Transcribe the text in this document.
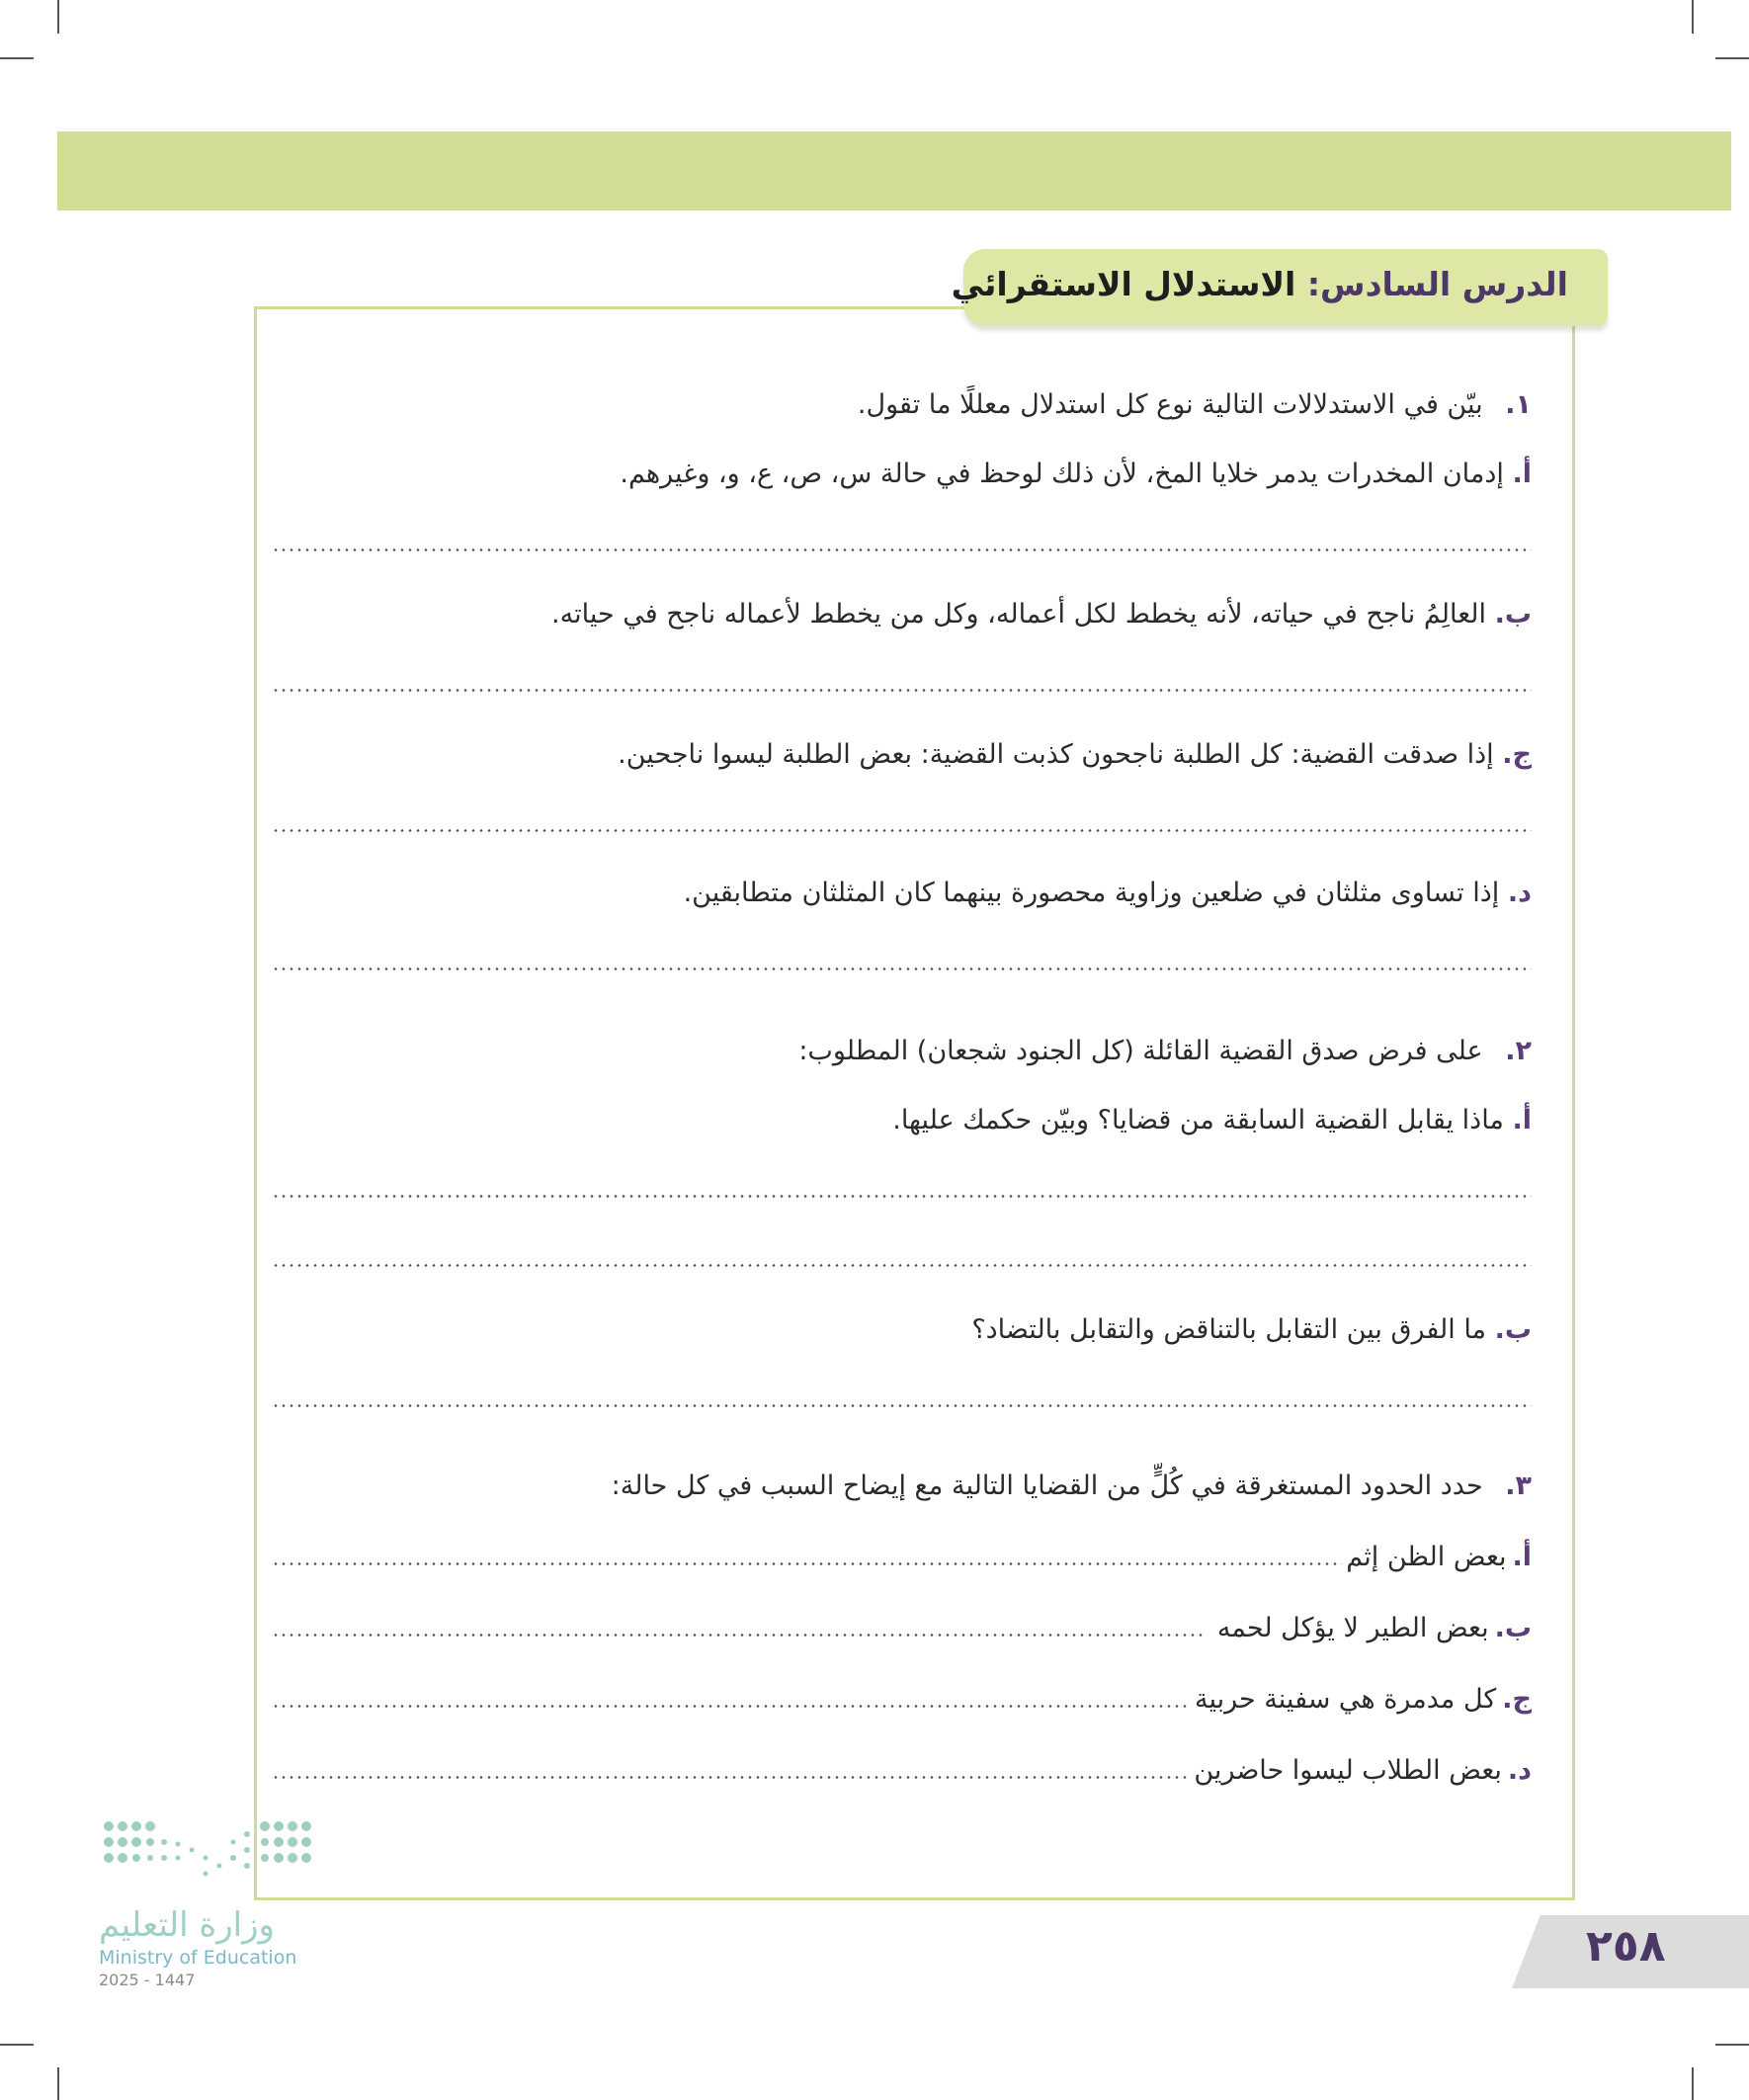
الدرس السادس: الاستدلال الاستقرائي
١. بيّن في الاستدلالات التالية نوع كل استدلال معللًا ما تقول.
أ. إدمان المخدرات يدمر خلايا المخ، لأن ذلك لوحظ في حالة س، ص، ع، و، وغيرهم.
ب. العالِمُ ناجح في حياته، لأنه يخطط لكل أعماله، وكل من يخطط لأعماله ناجح في حياته.
ج. إذا صدقت القضية: كل الطلبة ناجحون كذبت القضية: بعض الطلبة ليسوا ناجحين.
د. إذا تساوى مثلثان في ضلعين وزاوية محصورة بينهما كان المثلثان متطابقين.
٢. على فرض صدق القضية القائلة (كل الجنود شجعان) المطلوب:
أ. ماذا يقابل القضية السابقة من قضايا؟ وبيّن حكمك عليها.
ب. ما الفرق بين التقابل بالتناقض والتقابل بالتضاد؟
٣. حدد الحدود المستغرقة في كُلٍّ من القضايا التالية مع إيضاح السبب في كل حالة:
أ.
بعض الظن إثم
ب.
بعض الطير لا يؤكل لحمه
ج.
كل مدمرة هي سفينة حربية
د.
بعض الطلاب ليسوا حاضرين
وزارة التعليم
Ministry of Education
2025 - 1447
٢٥٨
